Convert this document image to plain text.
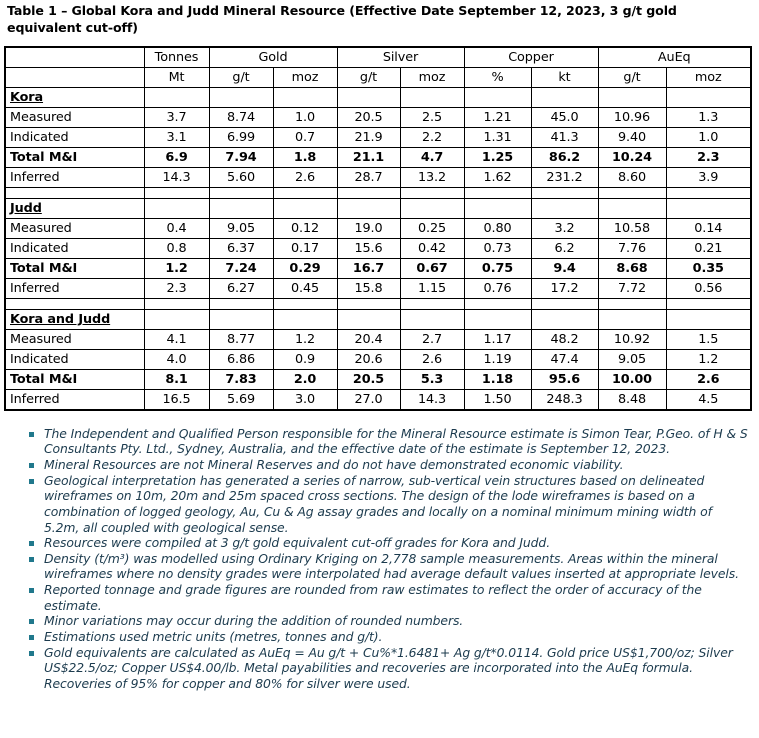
Table 1 – Global Kora and Judd Mineral Resource (Effective Date September 12, 2023, 3 g/t gold equivalent cut-off)
	Tonnes	Gold		Silver		Copper		AuEq	
	Mt	g/t	moz	g/t	moz	%	kt	g/t	moz
Kora									
Measured	3.7	8.74	1.0	20.5	2.5	1.21	45.0	10.96	1.3
Indicated	3.1	6.99	0.7	21.9	2.2	1.31	41.3	9.40	1.0
Total M&I	6.9	7.94	1.8	21.1	4.7	1.25	86.2	10.24	2.3
Inferred	14.3	5.60	2.6	28.7	13.2	1.62	231.2	8.60	3.9

Judd									
Measured	0.4	9.05	0.12	19.0	0.25	0.80	3.2	10.58	0.14
Indicated	0.8	6.37	0.17	15.6	0.42	0.73	6.2	7.76	0.21
Total M&I	1.2	7.24	0.29	16.7	0.67	0.75	9.4	8.68	0.35
Inferred	2.3	6.27	0.45	15.8	1.15	0.76	17.2	7.72	0.56

Kora and Judd									
Measured	4.1	8.77	1.2	20.4	2.7	1.17	48.2	10.92	1.5
Indicated	4.0	6.86	0.9	20.6	2.6	1.19	47.4	9.05	1.2
Total M&I	8.1	7.83	2.0	20.5	5.3	1.18	95.6	10.00	2.6
Inferred	16.5	5.69	3.0	27.0	14.3	1.50	248.3	8.48	4.5
The Independent and Qualified Person responsible for the Mineral Resource estimate is Simon Tear, P.Geo. of H & S Consultants Pty. Ltd., Sydney, Australia, and the effective date of the estimate is September 12, 2023.
Mineral Resources are not Mineral Reserves and do not have demonstrated economic viability.
Geological interpretation has generated a series of narrow, sub-vertical vein structures based on delineated wireframes on 10m, 20m and 25m spaced cross sections. The design of the lode wireframes is based on a combination of logged geology, Au, Cu & Ag assay grades and locally on a nominal minimum mining width of 5.2m, all coupled with geological sense.
Resources were compiled at 3 g/t gold equivalent cut-off grades for Kora and Judd.
Density (t/m³) was modelled using Ordinary Kriging on 2,778 sample measurements. Areas within the mineral wireframes where no density grades were interpolated had average default values inserted at appropriate levels.
Reported tonnage and grade figures are rounded from raw estimates to reflect the order of accuracy of the estimate.
Minor variations may occur during the addition of rounded numbers.
Estimations used metric units (metres, tonnes and g/t).
Gold equivalents are calculated as AuEq = Au g/t + Cu%*1.6481+ Ag g/t*0.0114. Gold price US$1,700/oz; Silver US$22.5/oz; Copper US$4.00/lb. Metal payabilities and recoveries are incorporated into the AuEq formula. Recoveries of 95% for copper and 80% for silver were used.
